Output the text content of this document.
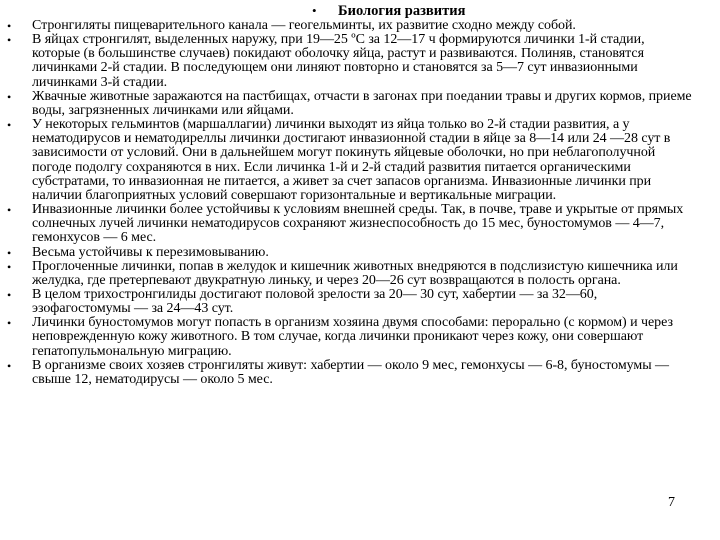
• Биология развития
• Стронгиляты пищеварительного канала — геогельминты, их развитие сходно между собой.
• В яйцах стронгилят, выделенных наружу, при 19—25 ºС за 12—17 ч формируются личинки 1-й стадии, которые (в большинстве случаев) покидают оболочку яйца, растут и развиваются. Полиняв, становятся личинками 2-й стадии. В последующем они линяют повторно и становятся за 5—7 сут инвазионными личинками 3-й стадии.
• Жвачные животные заражаются на пастбищах, отчасти в загонах при поедании травы и других кормов, приеме воды, загрязненных личинками или яйцами.
• У некоторых гельминтов (маршаллагии) личинки выходят из яйца только во 2-й стадии развития, а у нематодирусов и нематодиреллы личинки достигают инвазионной стадии в яйце за 8—14 или 24 —28 сут в зависимости от условий. Они в дальнейшем могут покинуть яйцевые оболочки, но при неблагополучной погоде подолгу сохраняются в них. Если личинка 1-й и 2-й стадий развития питается органическими субстратами, то инвазионная не питается, а живет за счет запасов организма. Инвазионные личинки при наличии благоприятных условий совершают горизонтальные и вертикальные миграции.
• Инвазионные личинки более устойчивы к условиям внешней среды. Так, в почве, траве и укрытые от прямых солнечных лучей личинки нематодирусов сохраняют жизнеспособность до 15 мес, буностомумов — 4—7, гемонхусов — 6 мес.
• Весьма устойчивы к перезимовыванию.
• Проглоченные личинки, попав в желудок и кишечник животных внедряются в подслизистую кишечника или желудка, где претерпевают двукратную линьку, и через 20—26 сут возвращаются в полость органа.
• В целом трихостронгилиды достигают половой зрелости за 20— 30 сут, хабертии — за 32—60, эзофагостомумы — за 24—43 сут.
• Личинки буностомумов могут попасть в организм хозяина двумя способами: перорально (с кормом) и через неповрежденную кожу животного. В том случае, когда личинки проникают через кожу, они совершают гепатопульмональную миграцию.
• В организме своих хозяев стронгиляты живут: хабертии — около 9 мес, гемонхусы — 6-8, буностомумы — свыше 12, нематодирусы — около 5 мес.
7
